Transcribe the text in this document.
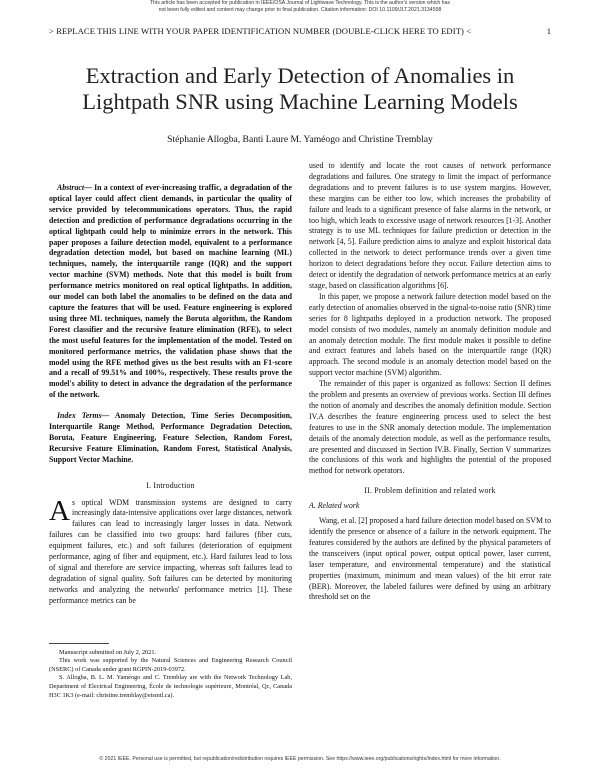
This article has been accepted for publication in IEEE/OSA Journal of Lightwave Technology. This is the author's version which has not been fully edited and content may change prior to final publication. Citation information: DOI 10.1109/JLT.2021.3134598
> REPLACE THIS LINE WITH YOUR PAPER IDENTIFICATION NUMBER (DOUBLE-CLICK HERE TO EDIT) <	1
Extraction and Early Detection of Anomalies in Lightpath SNR using Machine Learning Models
Stéphanie Allogba, Banti Laure M. Yaméogo and Christine Tremblay

Abstract— In a context of ever-increasing traffic, a degradation of the optical layer could affect client demands, in particular the quality of service provided by telecommunications operators. Thus, the rapid detection and prediction of performance degradations occurring in the optical lightpath could help to minimize errors in the network. This paper proposes a failure detection model, equivalent to a performance degradation detection model, but based on machine learning (ML) techniques, namely, the interquartile range (IQR) and the support vector machine (SVM) methods. Note that this model is built from performance metrics monitored on real optical lightpaths. In addition, our model can both label the anomalies to be defined on the data and capture the features that will be used. Feature engineering is explored using three ML techniques, namely the Boruta algorithm, the Random Forest classifier and the recursive feature elimination (RFE), to select the most useful features for the implementation of the model. Tested on monitored performance metrics, the validation phase shows that the model using the RFE method gives us the best results with an F1-score and a recall of 99.51% and 100%, respectively. These results prove the model's ability to detect in advance the degradation of the performance of the network.

Index Terms— Anomaly Detection, Time Series Decomposition, Interquartile Range Method, Performance Degradation Detection, Boruta, Feature Engineering, Feature Selection, Random Forest, Recursive Feature Elimination, Random Forest, Statistical Analysis, Support Vector Machine.

I. Introduction

As optical WDM transmission systems are designed to carry increasingly data-intensive applications over large distances, network failures can lead to increasingly larger losses in data. Network failures can be classified into two groups: hard failures (fiber cuts, equipment failures, etc.) and soft failures (deterioration of equipment performance, aging of fiber and equipment, etc.). Hard failures lead to loss of signal and therefore are service impacting, whereas soft failures lead to degradation of signal quality. Soft failures can be detected by monitoring networks and analyzing the networks' performance metrics [1]. These performance metrics can be

Manuscript submitted on July 2, 2021.

This work was supported by the Natural Sciences and Engineering Research Council (NSERC) of Canada under grant RGPIN-2019-03972.

S. Allogba, B. L. M. Yaméogo and C. Tremblay are with the Network Technology Lab, Department of Electrical Engineering, École de technologie supérieure, Montréal, Qc, Canada H3C 1K3 (e-mail: christine.tremblay@etsmtl.ca).

used to identify and locate the root causes of network performance degradations and failures. One strategy to limit the impact of performance degradations and to prevent failures is to use system margins. However, these margins can be either too low, which increases the probability of failure and leads to a significant presence of false alarms in the network, or too high, which leads to excessive usage of network resources [1-3]. Another strategy is to use ML techniques for failure prediction or detection in the network [4, 5]. Failure prediction aims to analyze and exploit historical data collected in the network to detect performance trends over a given time horizon to detect degradations before they occur. Failure detection aims to detect or identify the degradation of network performance metrics at an early stage, based on classification algorithms [6].

In this paper, we propose a network failure detection model based on the early detection of anomalies observed in the signal-to-noise ratio (SNR) time series for 8 lightpaths deployed in a production network. The proposed model consists of two modules, namely an anomaly definition module and an anomaly detection module. The first module makes it possible to define and extract features and labels based on the interquartile range (IQR) approach. The second module is an anomaly detection model based on the support vector machine (SVM) algorithm.

The remainder of this paper is organized as follows: Section II defines the problem and presents an overview of previous works. Section III defines the notion of anomaly and describes the anomaly definition module. Section IV.A describes the feature engineering process used to select the best features to use in the SNR anomaly detection module. The implementation details of the anomaly detection module, as well as the performance results, are presented and discussed in Section IV.B. Finally, Section V summarizes the conclusions of this work and highlights the potential of the proposed method for network operators.

II. Problem definition and related work

A. Related work

Wang, et al. [2] proposed a hard failure detection model based on SVM to identify the presence or absence of a failure in the network equipment. The features considered by the authors are defined by the physical parameters of the transceivers (input optical power, output optical power, laser current, laser temperature, and environmental temperature) and the statistical properties (maximum, minimum and mean values) of the bit error rate (BER). Moreover, the labeled failures were defined by using an arbitrary threshold set on the

© 2021 IEEE. Personal use is permitted, but republication/redistribution requires IEEE permission. See https://www.ieee.org/publications/rights/index.html for more information.
